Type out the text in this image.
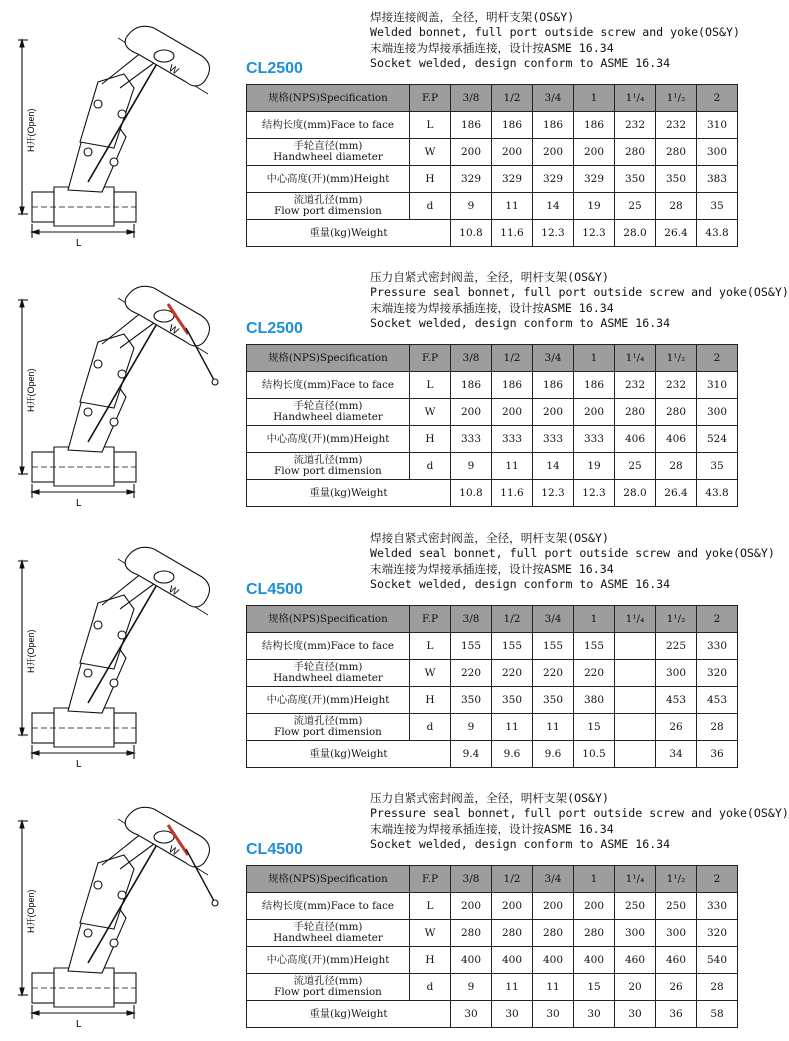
H开(Open)
W
L
CL2500
焊接连接阀盖，全径，明杆支架(OS&Y)
Welded bonnet, full port outside screw and yoke(OS&Y)
末端连接为焊接承插连接，设计按ASME 16.34
Socket welded, design conform to ASME 16.34
规格(NPS)Specification	F.P	3/8	1/2	3/4	1	1¹/₄	1¹/₂	2

结构长度(mm)Face to face	L	186	186	186	186	232	232	310

手轮直径(mm)
Handwheel diameter	W	200	200	200	200	280	280	300

中心高度(开)(mm)Height	H	329	329	329	329	350	350	383

流道孔径(mm)
Flow port dimension	d	9	11	14	19	25	28	35

重量(kg)Weight		10.8	11.6	12.3	12.3	28.0	26.4	43.8
H开(Open)
W
L
CL2500
压力自紧式密封阀盖，全径，明杆支架(OS&Y)
Pressure seal bonnet, full port outside screw and yoke(OS&Y)
末端连接为焊接承插连接，设计按ASME 16.34
Socket welded, design conform to ASME 16.34
规格(NPS)Specification	F.P	3/8	1/2	3/4	1	1¹/₄	1¹/₂	2

结构长度(mm)Face to face	L	186	186	186	186	232	232	310

手轮直径(mm)
Handwheel diameter	W	200	200	200	200	280	280	300

中心高度(开)(mm)Height	H	333	333	333	333	406	406	524

流道孔径(mm)
Flow port dimension	d	9	11	14	19	25	28	35

重量(kg)Weight		10.8	11.6	12.3	12.3	28.0	26.4	43.8
H开(Open)
W
L
CL4500
焊接自紧式密封阀盖，全径，明杆支架(OS&Y)
Welded seal bonnet, full port outside screw and yoke(OS&Y)
末端连接为焊接承插连接，设计按ASME 16.34
Socket welded, design conform to ASME 16.34
规格(NPS)Specification	F.P	3/8	1/2	3/4	1	1¹/₄	1¹/₂	2

结构长度(mm)Face to face	L	155	155	155	155		225	330

手轮直径(mm)
Handwheel diameter	W	220	220	220	220		300	320

中心高度(开)(mm)Height	H	350	350	350	380		453	453

流道孔径(mm)
Flow port dimension	d	9	11	11	15		26	28

重量(kg)Weight		9.4	9.6	9.6	10.5		34	36
H开(Open)
W
L
CL4500
压力自紧式密封阀盖，全径，明杆支架(OS&Y)
Pressure seal bonnet, full port outside screw and yoke(OS&Y)
末端连接为焊接承插连接，设计按ASME 16.34
Socket welded, design conform to ASME 16.34
规格(NPS)Specification	F.P	3/8	1/2	3/4	1	1¹/₄	1¹/₂	2

结构长度(mm)Face to face	L	200	200	200	200	250	250	330

手轮直径(mm)
Handwheel diameter	W	280	280	280	280	300	300	320

中心高度(开)(mm)Height	H	400	400	400	400	460	460	540

流道孔径(mm)
Flow port dimension	d	9	11	11	15	20	26	28

重量(kg)Weight		30	30	30	30	30	36	58
